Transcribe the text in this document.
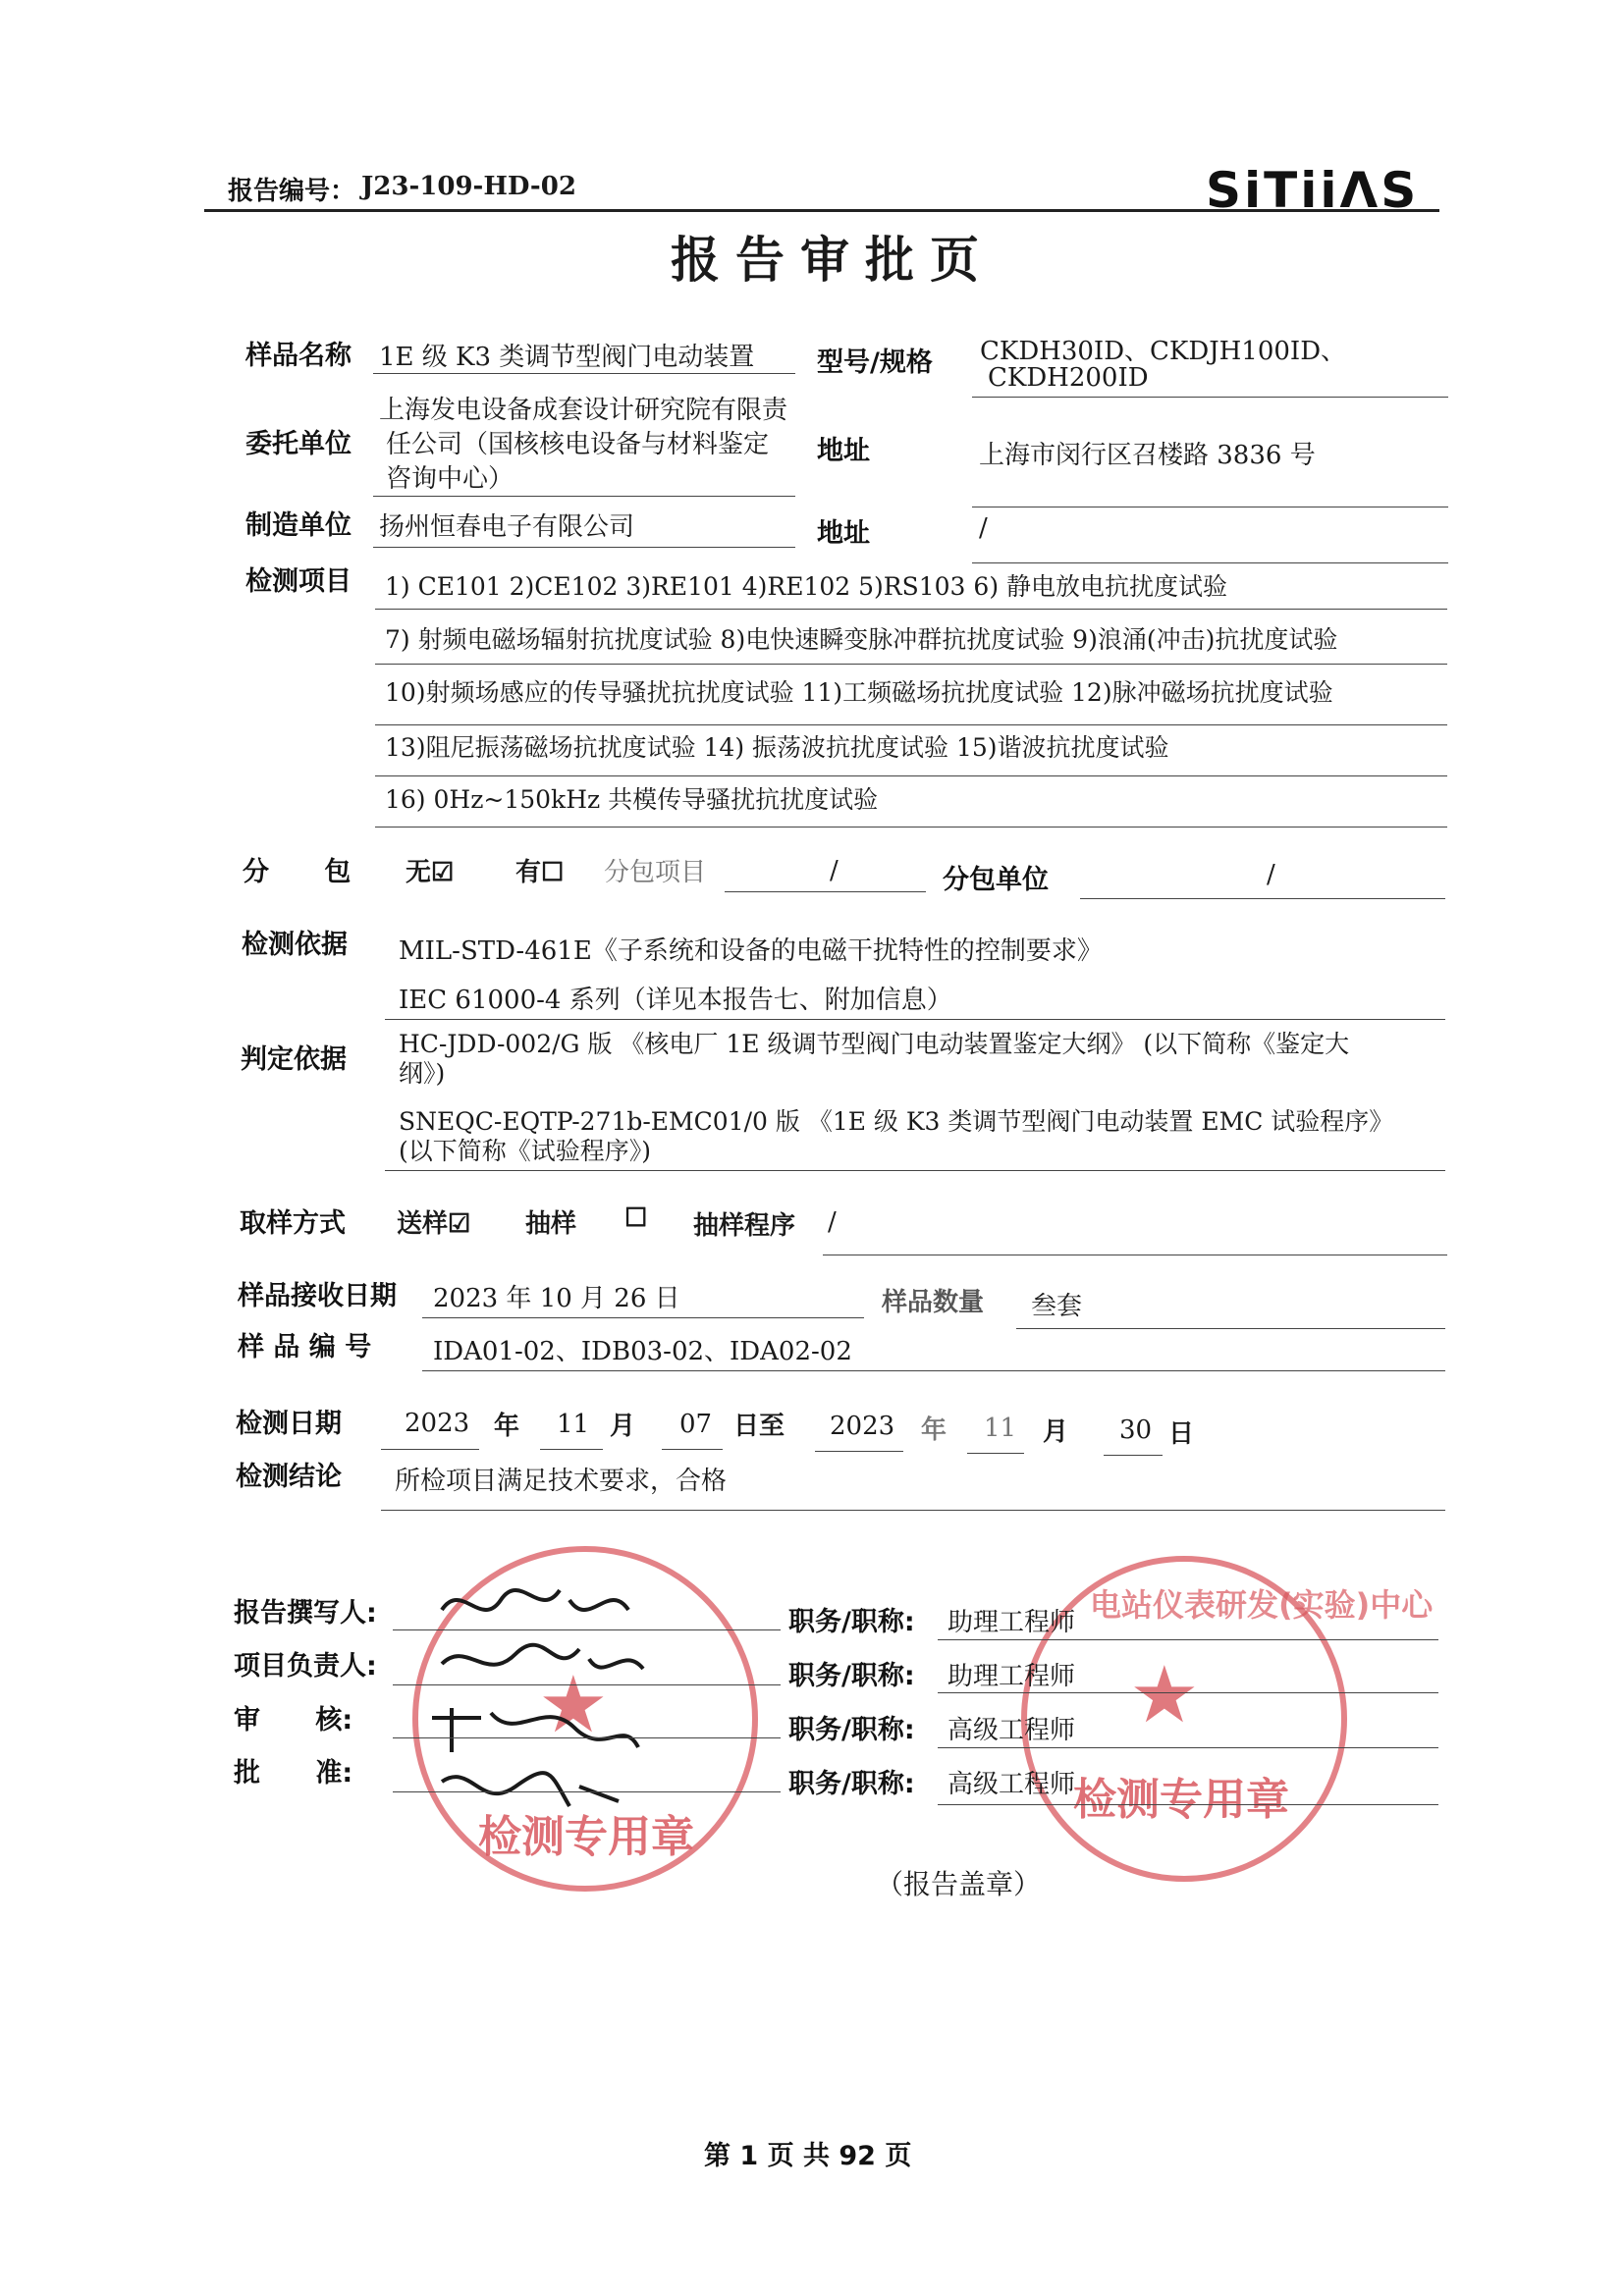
报告编号： J23-109-HD-02	SiTiiΛS
报告审批页
样品名称 1E 级 K3 类调节型阀门电动装置 型号/规格 CKDH30ID、CKDJH100ID、
CKDH200ID
上海发电设备成套设计研究院有限责
委托单位 任公司（国核核电设备与材料鉴定 地址	上海市闵行区召楼路 3836 号
咨询中心）
制造单位 扬州恒春电子有限公司	地址	/
检测项目 1) CE101 2)CE102 3)RE101 4)RE102 5)RS103 6) 静电放电抗扰度试验
7) 射频电磁场辐射抗扰度试验 8)电快速瞬变脉冲群抗扰度试验 9)浪涌(冲击)抗扰度试验
10)射频场感应的传导骚扰抗扰度试验 11)工频磁场抗扰度试验 12)脉冲磁场抗扰度试验
13)阻尼振荡磁场抗扰度试验 14) 振荡波抗扰度试验 15)谐波抗扰度试验
16) 0Hz~150kHz 共模传导骚扰抗扰度试验
分      包 无☑ 有☐ 分包项目	/	分包单位	/
检测依据 MIL-STD-461E《子系统和设备的电磁干扰特性的控制要求》
IEC 61000-4 系列（详见本报告七、附加信息）
HC-JDD-002/G 版 《核电厂 1E 级调节型阀门电动装置鉴定大纲》 (以下简称《鉴定大
判定依据 纲》)
SNEQC-EQTP-271b-EMC01/0 版 《1E 级 K3 类调节型阀门电动装置 EMC 试验程序》
(以下简称《试验程序》)
取样方式 送样☑ 抽样 ☐ 抽样程序 /
样品接收日期 2023 年 10 月 26 日	样品数量 叁套
样 品 编 号 IDA01-02、IDB03-02、IDA02-02
检测日期 2023 年 11 月 07 日至 2023 年 11 月 30 日
检测结论 所检项目满足技术要求，合格
检测专用章
★
电站仪表研发(实验)中心
★
检测专用章
报告撰写人:	职务/职称: 助理工程师
项目负责人:	职务/职称: 助理工程师
审      核:	职务/职称: 高级工程师
批      准:	职务/职称: 高级工程师
（报告盖章）
第 1 页 共 92 页
